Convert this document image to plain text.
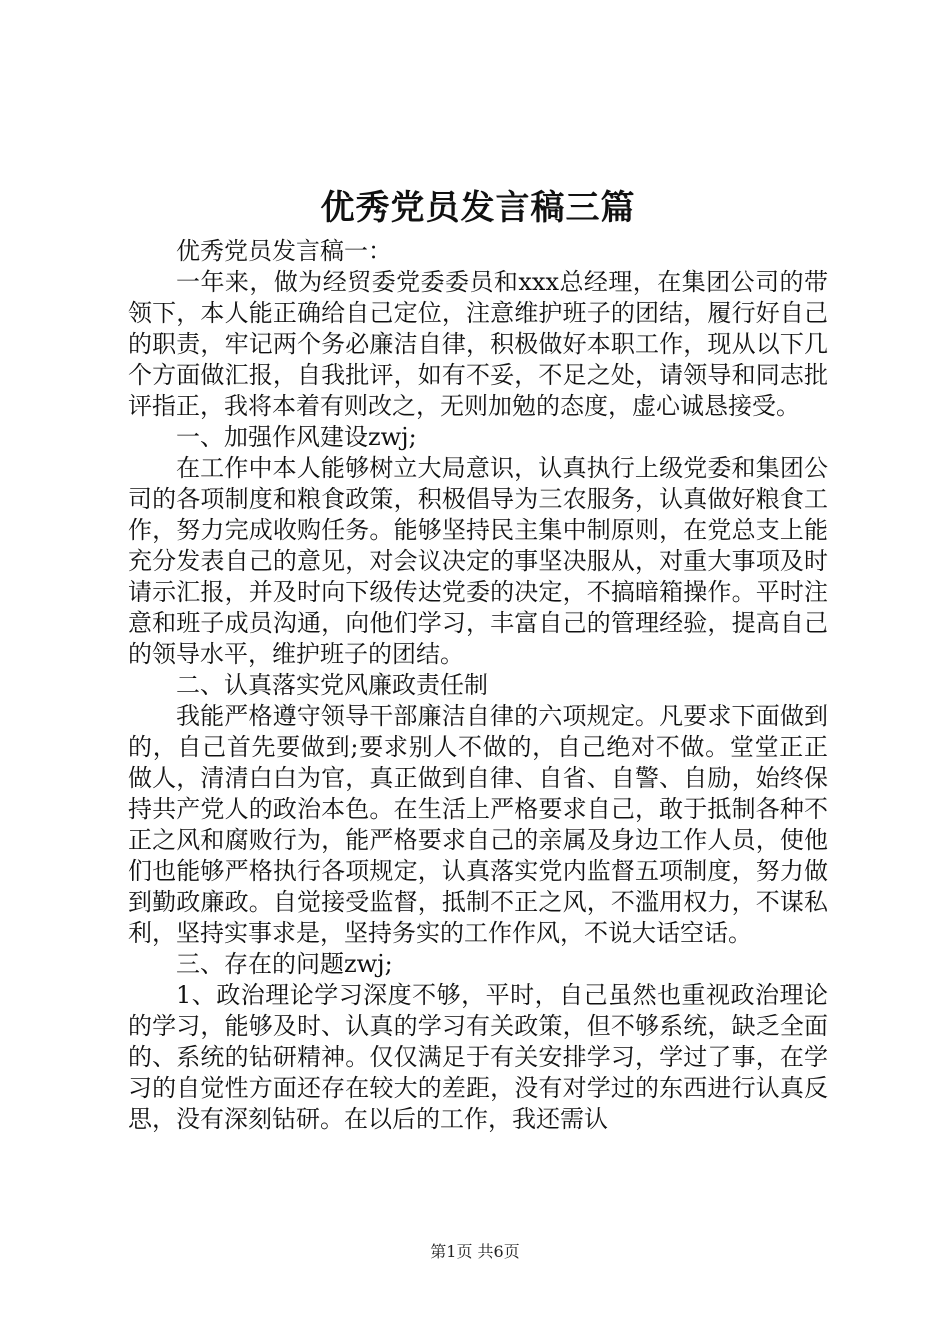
优秀党员发言稿三篇

优秀党员发言稿一：

一年来，做为经贸委党委委员和xxx总经理，在集团公司的带领下，本人能正确给自己定位，注意维护班子的团结，履行好自己的职责，牢记两个务必廉洁自律，积极做好本职工作，现从以下几个方面做汇报，自我批评，如有不妥，不足之处，请领导和同志批评指正，我将本着有则改之，无则加勉的态度，虚心诚恳接受。

一、加强作风建设zwj;

在工作中本人能够树立大局意识，认真执行上级党委和集团公司的各项制度和粮食政策，积极倡导为三农服务，认真做好粮食工作，努力完成收购任务。能够坚持民主集中制原则，在党总支上能充分发表自己的意见，对会议决定的事坚决服从，对重大事项及时请示汇报，并及时向下级传达党委的决定，不搞暗箱操作。平时注意和班子成员沟通，向他们学习，丰富自己的管理经验，提高自己的领导水平，维护班子的团结。

二、认真落实党风廉政责任制

我能严格遵守领导干部廉洁自律的六项规定。凡要求下面做到的，自己首先要做到;要求别人不做的，自己绝对不做。堂堂正正做人，清清白白为官，真正做到自律、自省、自警、自励，始终保持共产党人的政治本色。在生活上严格要求自己，敢于抵制各种不正之风和腐败行为，能严格要求自己的亲属及身边工作人员，使他们也能够严格执行各项规定，认真落实党内监督五项制度，努力做到勤政廉政。自觉接受监督，抵制不正之风，不滥用权力，不谋私利，坚持实事求是，坚持务实的工作作风，不说大话空话。

三、存在的问题zwj;

1、政治理论学习深度不够，平时，自己虽然也重视政治理论的学习，能够及时、认真的学习有关政策，但不够系统，缺乏全面的、系统的钻研精神。仅仅满足于有关安排学习，学过了事，在学习的自觉性方面还存在较大的差距，没有对学过的东西进行认真反思，没有深刻钻研。在以后的工作，我还需认

第1页 共6页
